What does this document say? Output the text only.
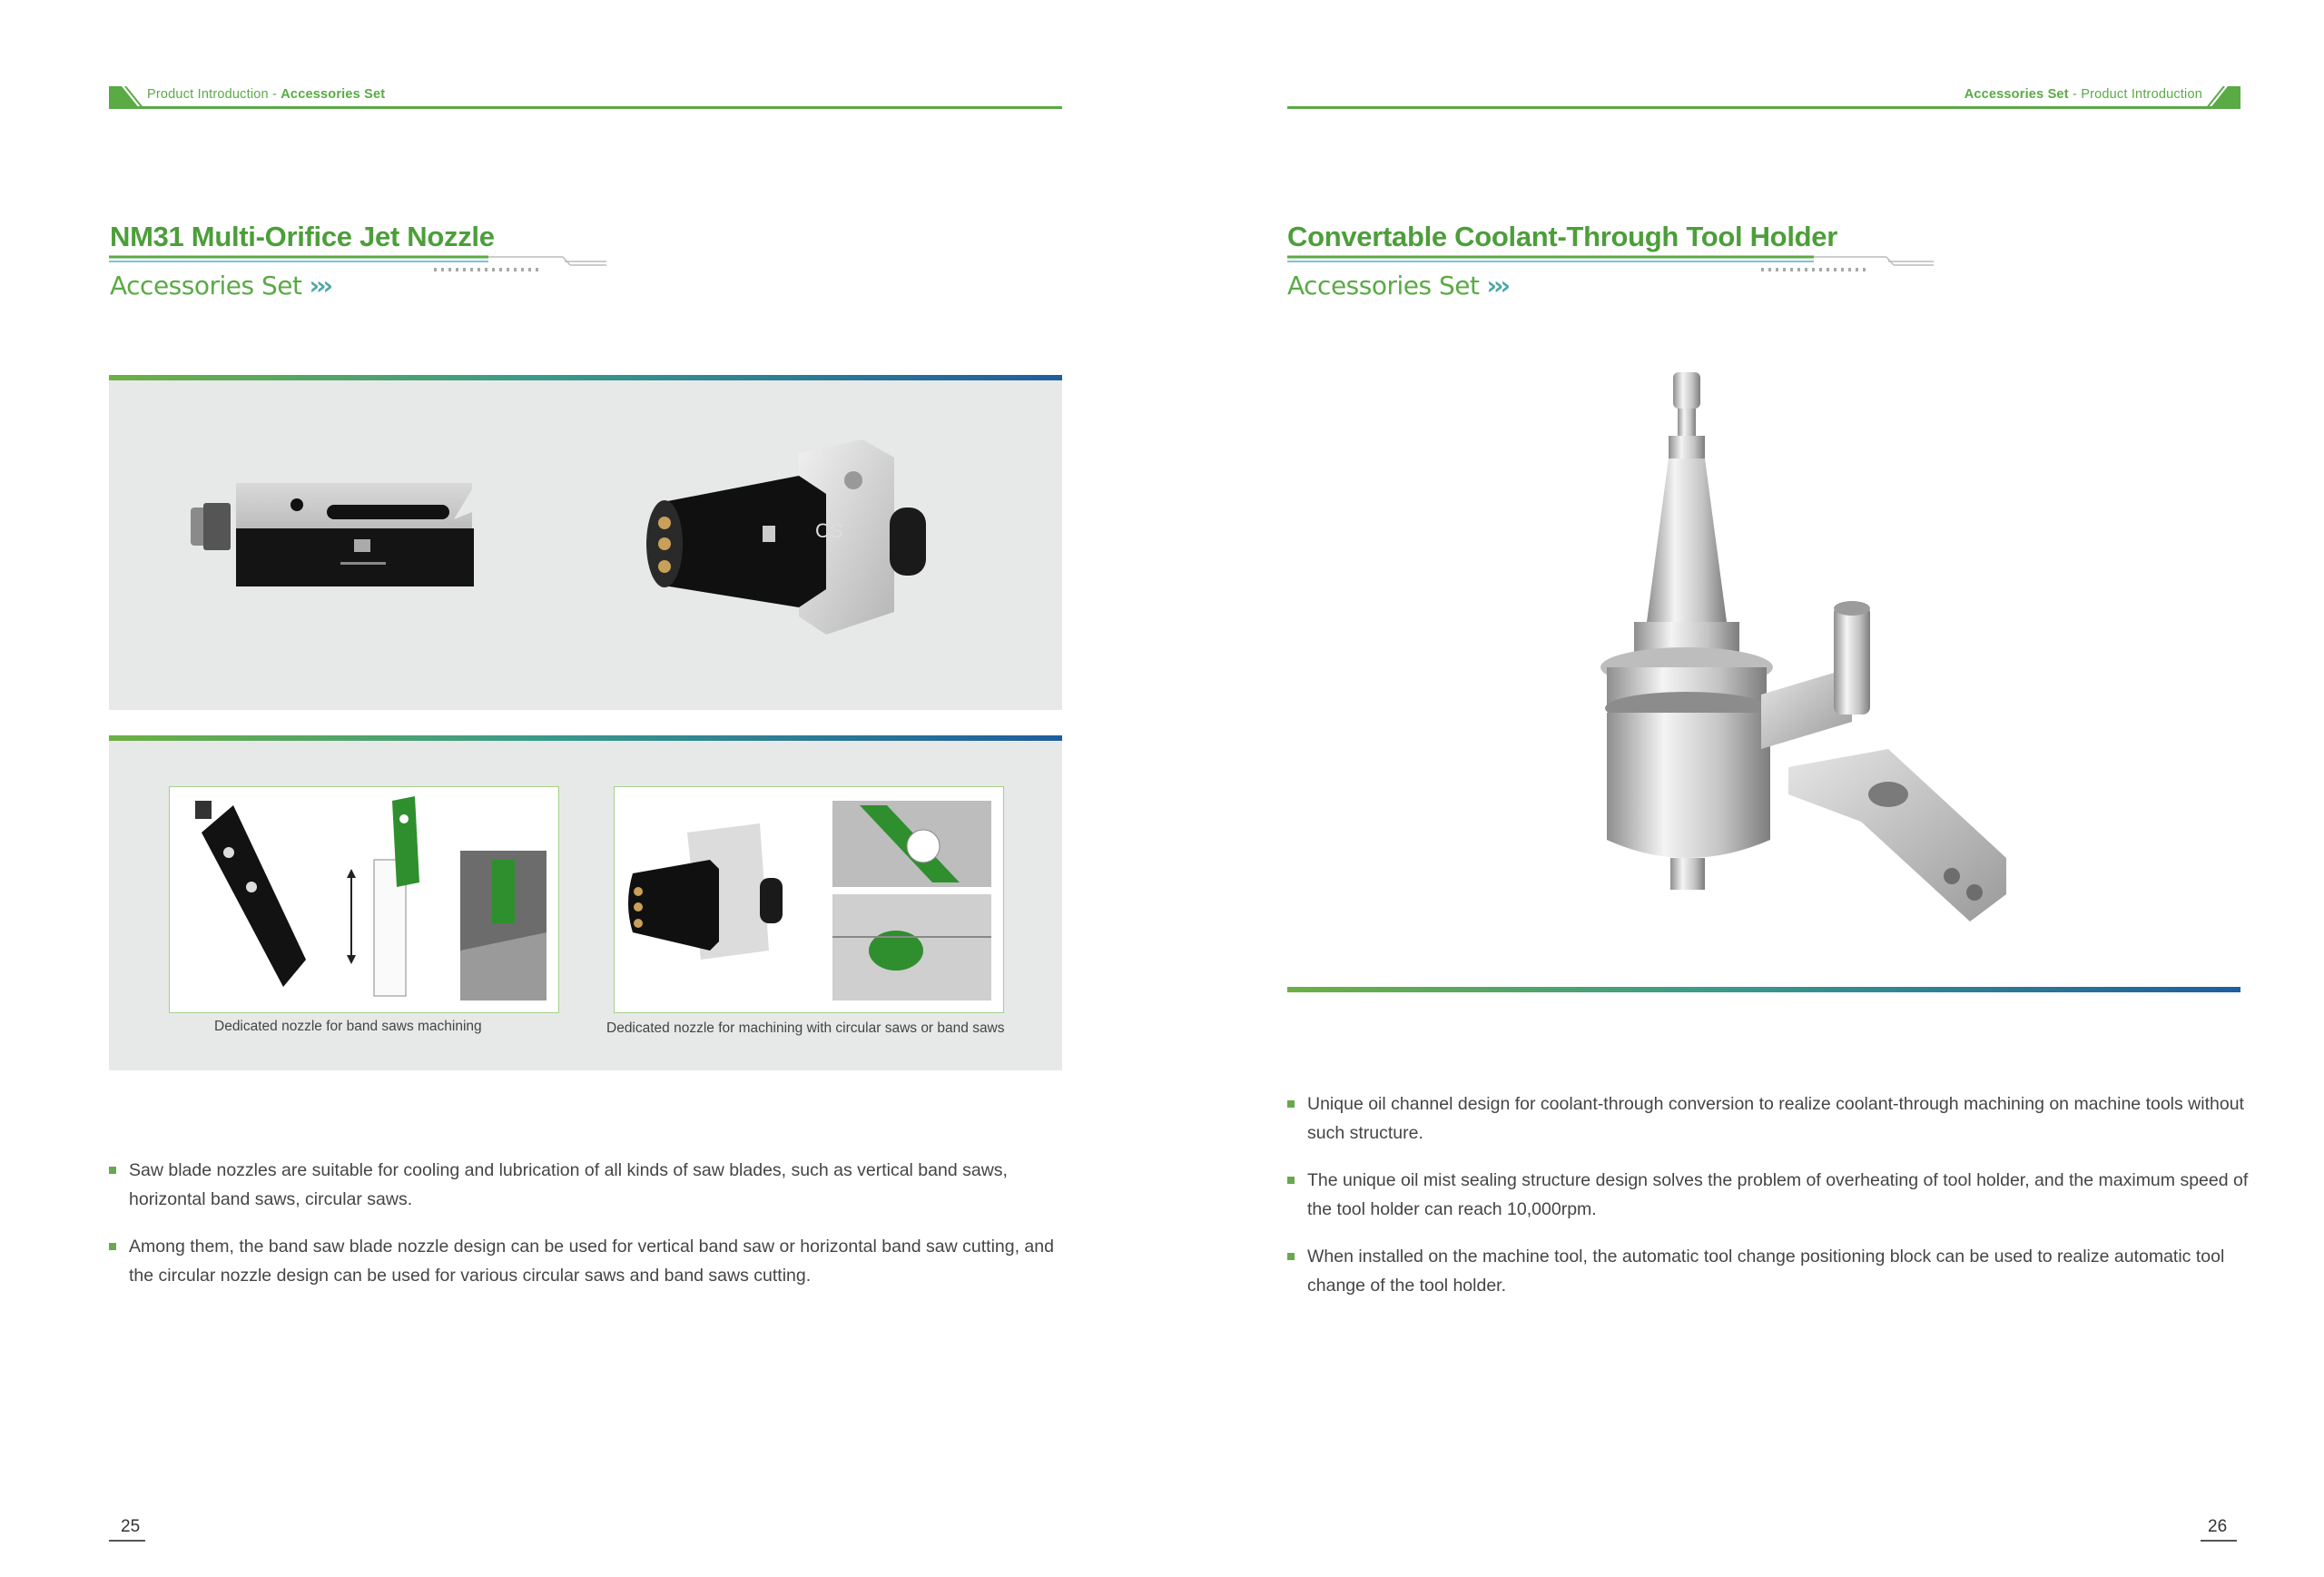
Product Introduction - Accessories Set
NM31 Multi-Orifice Jet Nozzle
Accessories Set ›››
CS
Dedicated nozzle for band saws machining	Dedicated nozzle for machining with circular saws or band saws
Saw blade nozzles are suitable for cooling and lubrication of all kinds of saw blades, such as vertical band saws, horizontal band saws, circular saws.
Among them, the band saw blade nozzle design can be used for vertical band saw or horizontal band saw cutting, and the circular nozzle design can be used for various circular saws and band saws cutting.
25
Accessories Set - Product Introduction
Convertable Coolant-Through Tool Holder
Accessories Set ›››
Unique oil channel design for coolant-through conversion to realize coolant-through machining on machine tools without such structure.
The unique oil mist sealing structure design solves the problem of overheating of tool holder, and the maximum speed of the tool holder can reach 10,000rpm.
When installed on the machine tool, the automatic tool change positioning block can be used to realize automatic tool change of the tool holder.
26
